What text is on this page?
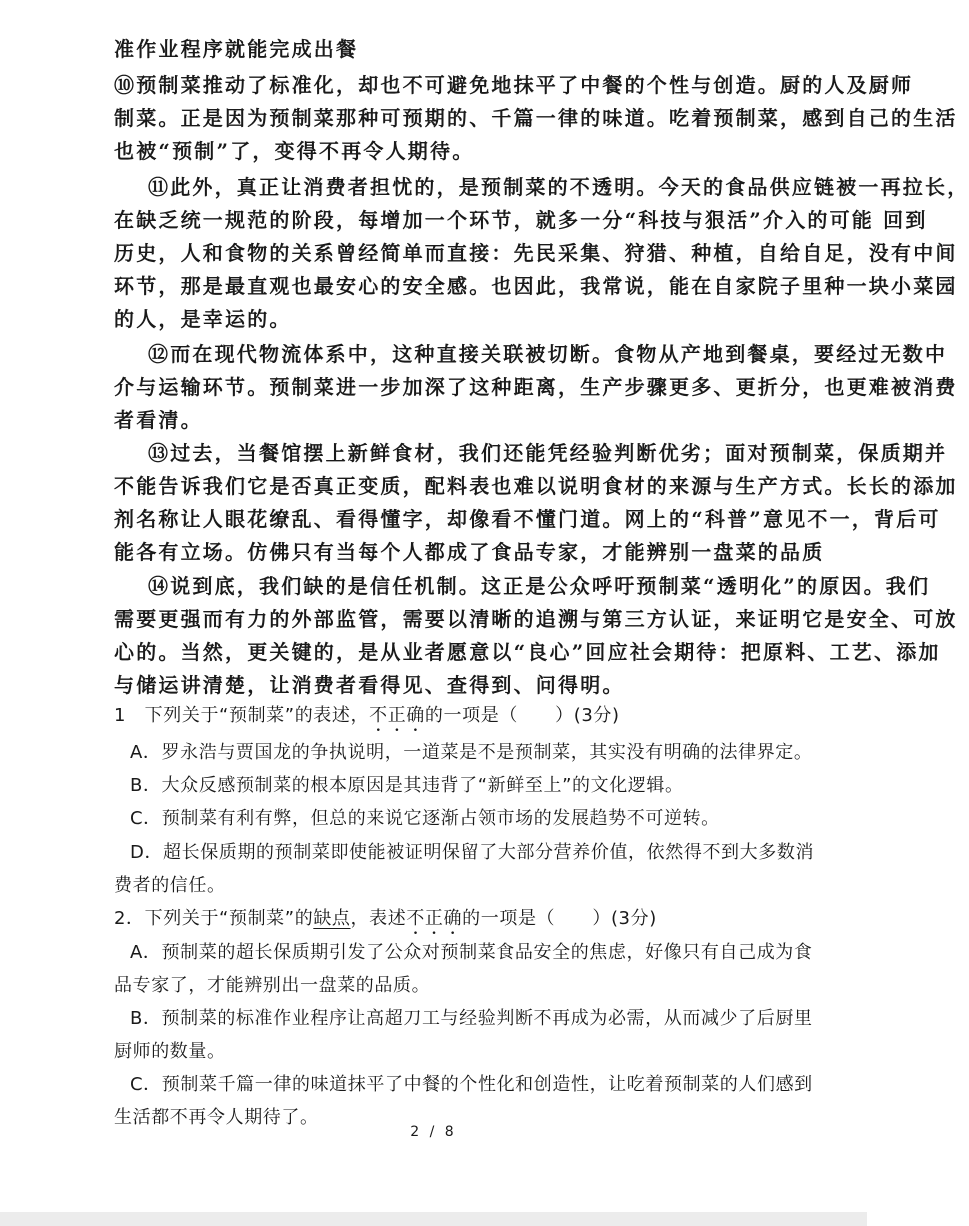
准作业程序就能完成出餐
⑩预制菜推动了标准化，却也不可避免地抹平了中餐的个性与创造。厨的人及厨师
制菜。正是因为预制菜那种可预期的、千篇一律的味道。吃着预制菜，感到自己的生活
也被“预制”了，变得不再令人期待。
⑪此外，真正让消费者担忧的，是预制菜的不透明。今天的食品供应链被一再拉长，
在缺乏统一规范的阶段，每增加一个环节，就多一分“科技与狠活”介入的可能 回到
历史，人和食物的关系曾经简单而直接：先民采集、狩猎、种植，自给自足，没有中间
环节，那是最直观也最安心的安全感。也因此，我常说，能在自家院子里种一块小菜园
的人，是幸运的。
⑫而在现代物流体系中，这种直接关联被切断。食物从产地到餐桌，要经过无数中
介与运输环节。预制菜进一步加深了这种距离，生产步骤更多、更折分，也更难被消费
者看清。
⑬过去，当餐馆摆上新鲜食材，我们还能凭经验判断优劣；面对预制菜，保质期并
不能告诉我们它是否真正变质，配料表也难以说明食材的来源与生产方式。长长的添加
剂名称让人眼花缭乱、看得懂字，却像看不懂门道。网上的“科普”意见不一，背后可
能各有立场。仿佛只有当每个人都成了食品专家，才能辨别一盘菜的品质
⑭说到底，我们缺的是信任机制。这正是公众呼吁预制菜“透明化”的原因。我们
需要更强而有力的外部监管，需要以清晰的追溯与第三方认证，来证明它是安全、可放
心的。当然，更关键的，是从业者愿意以“良心”回应社会期待：把原料、工艺、添加
与储运讲清楚，让消费者看得见、查得到、问得明。
1　下列关于“预制菜”的表述，不正确的一项是（　　）(3分)
A．罗永浩与贾国龙的争执说明，一道菜是不是预制菜，其实没有明确的法律界定。
B．大众反感预制菜的根本原因是其违背了“新鲜至上”的文化逻辑。
C．预制菜有利有弊，但总的来说它逐渐占领市场的发展趋势不可逆转。
D．超长保质期的预制菜即使能被证明保留了大部分营养价值，依然得不到大多数消
费者的信任。
2．下列关于“预制菜”的缺点，表述不正确的一项是（　　）(3分)
A．预制菜的超长保质期引发了公众对预制菜食品安全的焦虑，好像只有自己成为食
品专家了，才能辨别出一盘菜的品质。
B．预制菜的标准作业程序让高超刀工与经验判断不再成为必需，从而减少了后厨里
厨师的数量。
C．预制菜千篇一律的味道抹平了中餐的个性化和创造性，让吃着预制菜的人们感到
生活都不再令人期待了。
2 / 8
